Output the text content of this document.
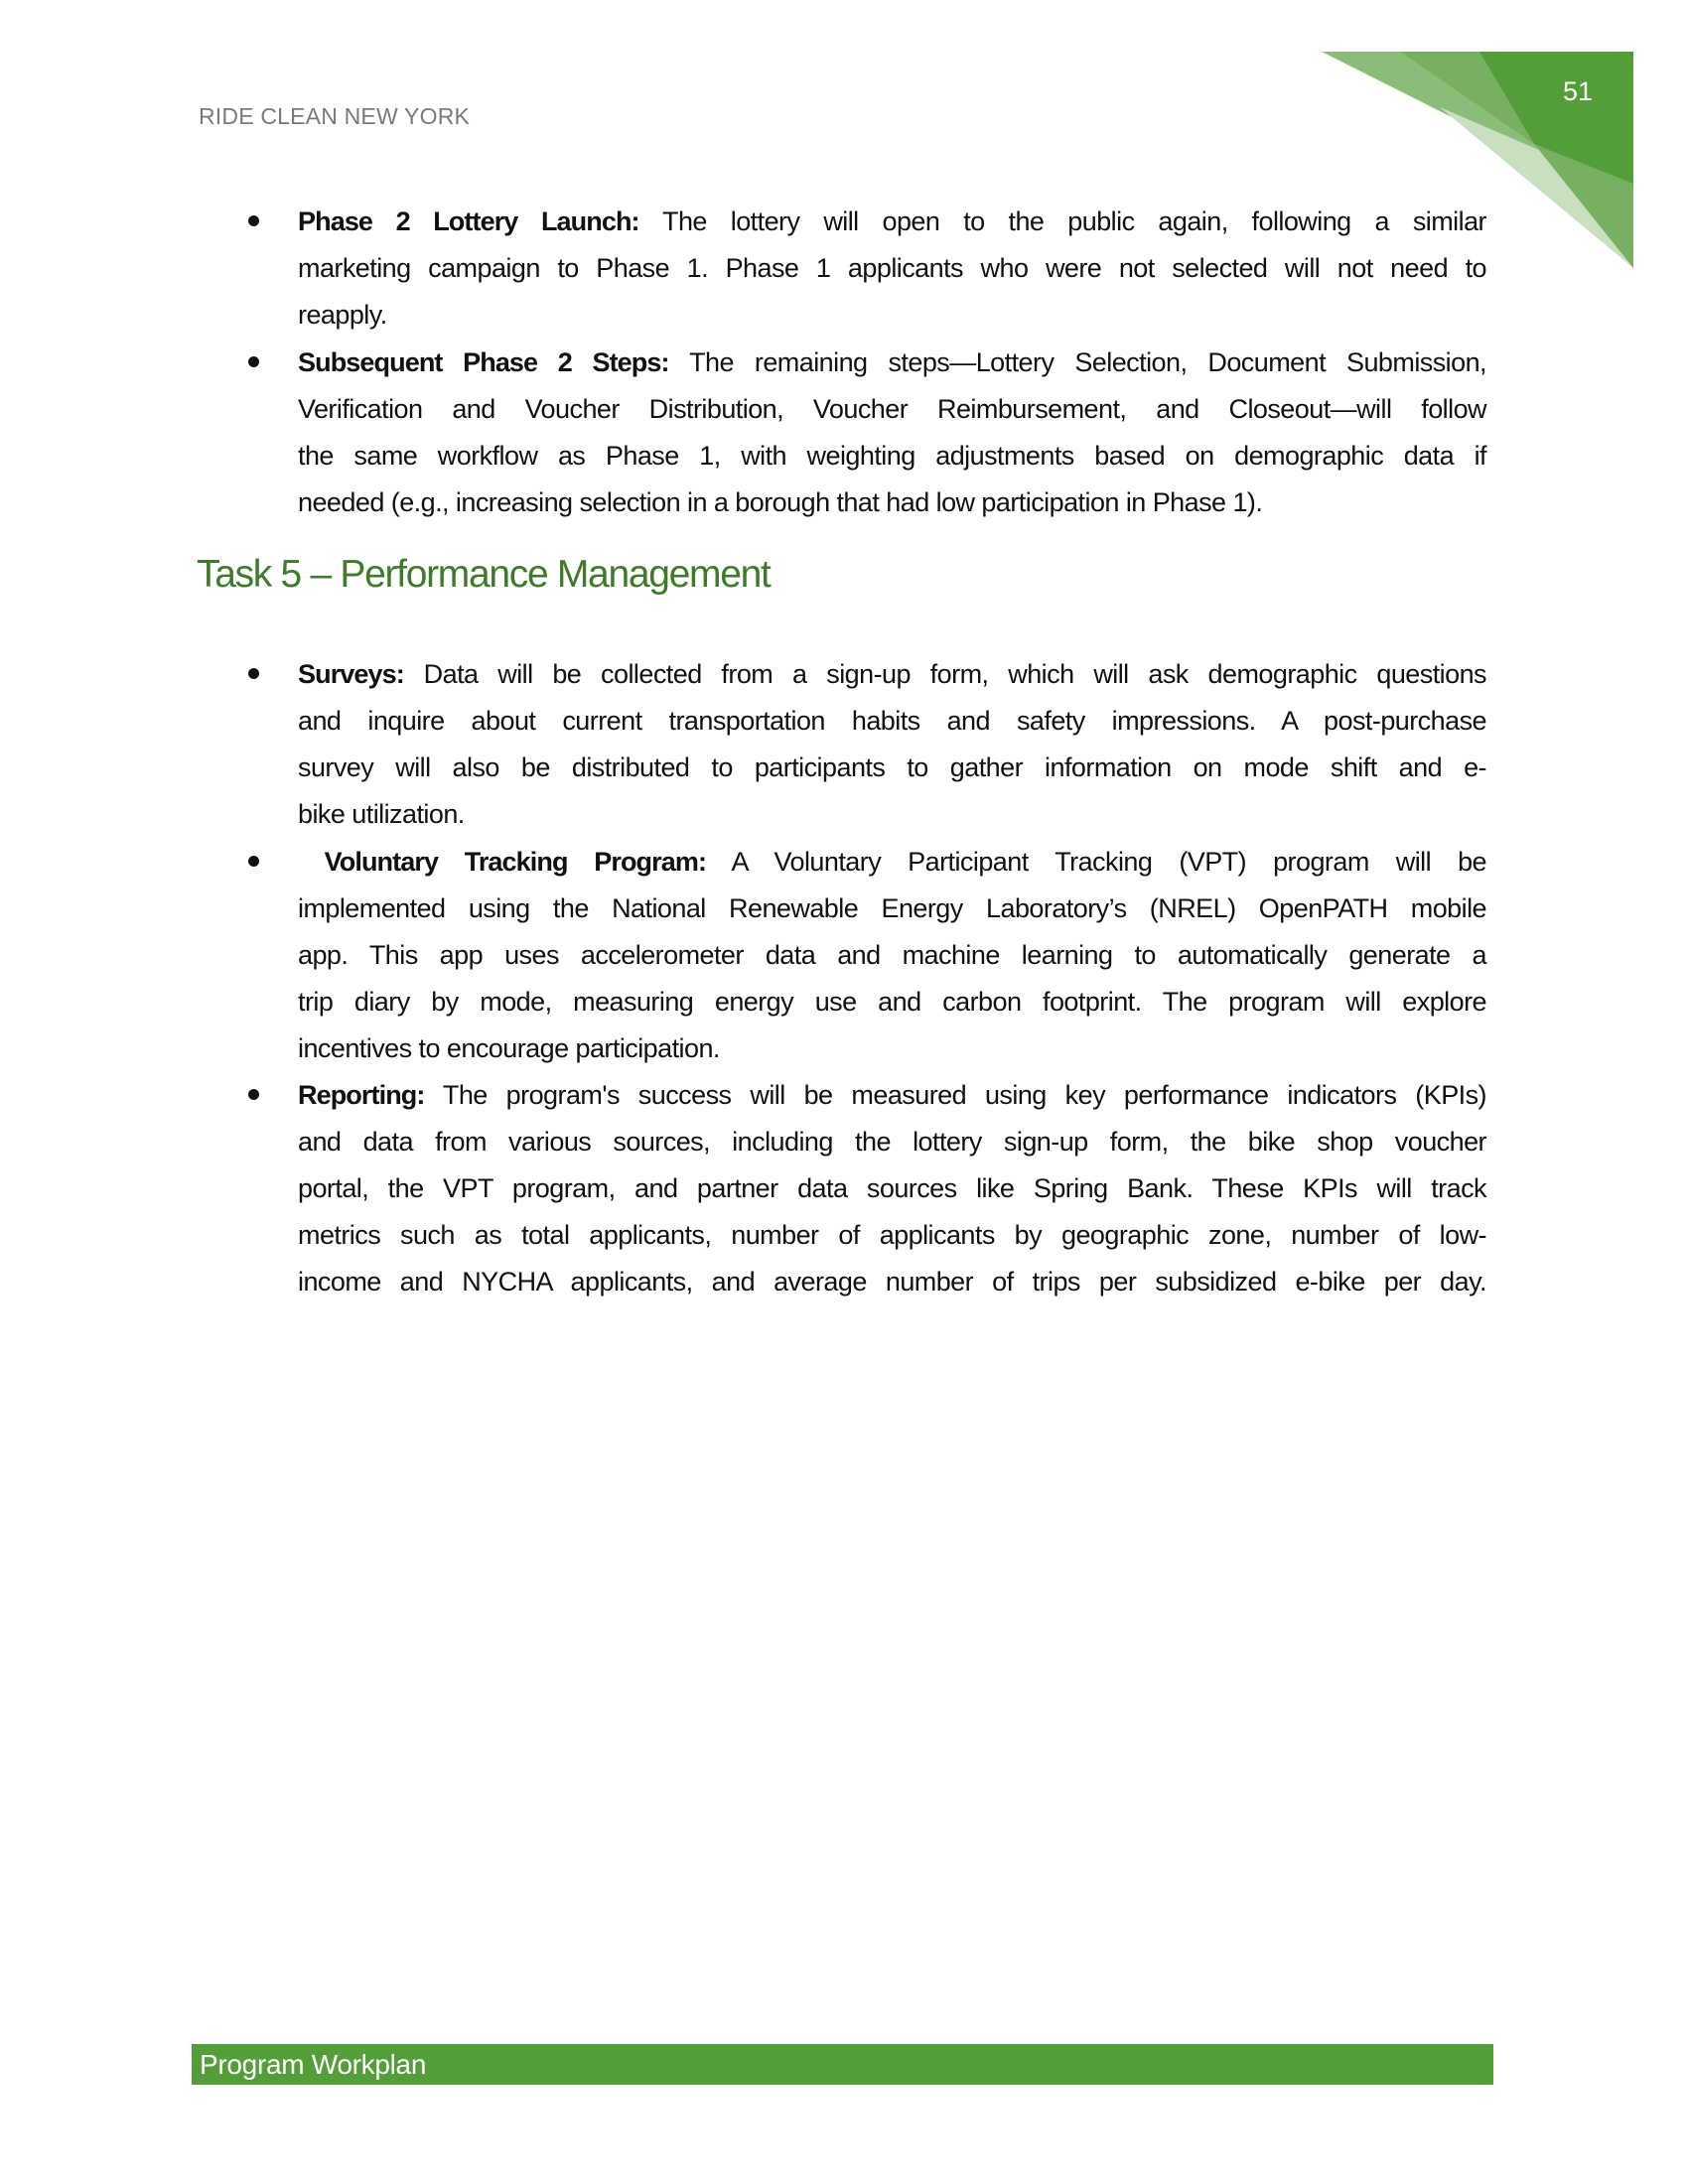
RIDE CLEAN NEW YORK
51
Phase 2 Lottery Launch: The lottery will open to the public again, following a similar
marketing campaign to Phase 1. Phase 1 applicants who were not selected will not need to
reapply.
Subsequent Phase 2 Steps: The remaining steps—Lottery Selection, Document Submission,
Verification and Voucher Distribution, Voucher Reimbursement, and Closeout—will follow
the same workflow as Phase 1, with weighting adjustments based on demographic data if
needed (e.g., increasing selection in a borough that had low participation in Phase 1).
Task 5 – Performance Management
Surveys: Data will be collected from a sign-up form, which will ask demographic questions
and inquire about current transportation habits and safety impressions. A post-purchase
survey will also be distributed to participants to gather information on mode shift and e-
bike utilization.
Voluntary Tracking Program: A Voluntary Participant Tracking (VPT) program will be
implemented using the National Renewable Energy Laboratory’s (NREL) OpenPATH mobile
app. This app uses accelerometer data and machine learning to automatically generate a
trip diary by mode, measuring energy use and carbon footprint. The program will explore
incentives to encourage participation.
Reporting: The program's success will be measured using key performance indicators (KPIs)
and data from various sources, including the lottery sign-up form, the bike shop voucher
portal, the VPT program, and partner data sources like Spring Bank. These KPIs will track
metrics such as total applicants, number of applicants by geographic zone, number of low-
income and NYCHA applicants, and average number of trips per subsidized e-bike per day.
Program Workplan
